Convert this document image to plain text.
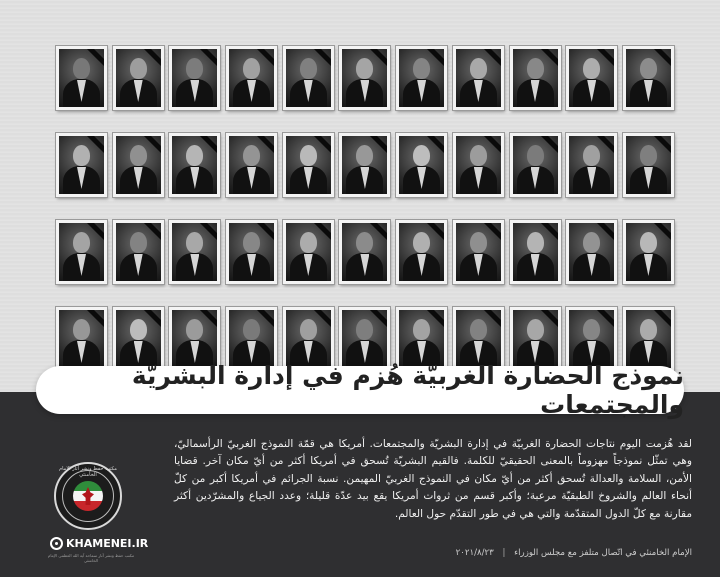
نموذج الحضارة الغربيّة هُزم في إدارة البشريّة والمجتمعات
لقد هُزمت اليوم نتاجات الحضارة الغربيّة في إدارة البشريّة والمجتمعات. أمريكا هي قمّة النموذج الغربيّ الرأسماليّ، وهي تمثّل نموذجاً مهزوماً بالمعنى الحقيقيّ للكلمة. فالقيم البشريّة تُسحق في أمريكا أكثر من أيّ مكان آخر. قضايا الأمن، السلامة والعدالة تُسحق أكثر من أيّ مكان في النموذج الغربيّ المهيمن. نسبة الجرائم في أمريكا أكبر من كلّ أنحاء العالم والشروخ الطبقيّة مرعبة؛ وأكبر قسم من ثروات أمريكا يقع بيد عدّة قليلة؛ وعدد الجياع والمشرّدين أكثر مقارنة مع كلّ الدول المتقدّمة والتي هي في طور التقدّم حول العالم.
الإمام الخامنئي في اتّصال متلفز مع مجلس الوزراء | ۲۰۲۱/۸/۲۳
مكتب حفظ ونشر آثار الإمام الخامنئي
KHAMENEI.IR
مكتب حفظ ونشر آثار سماحة آية الله العظمى الإمام الخامنئي
